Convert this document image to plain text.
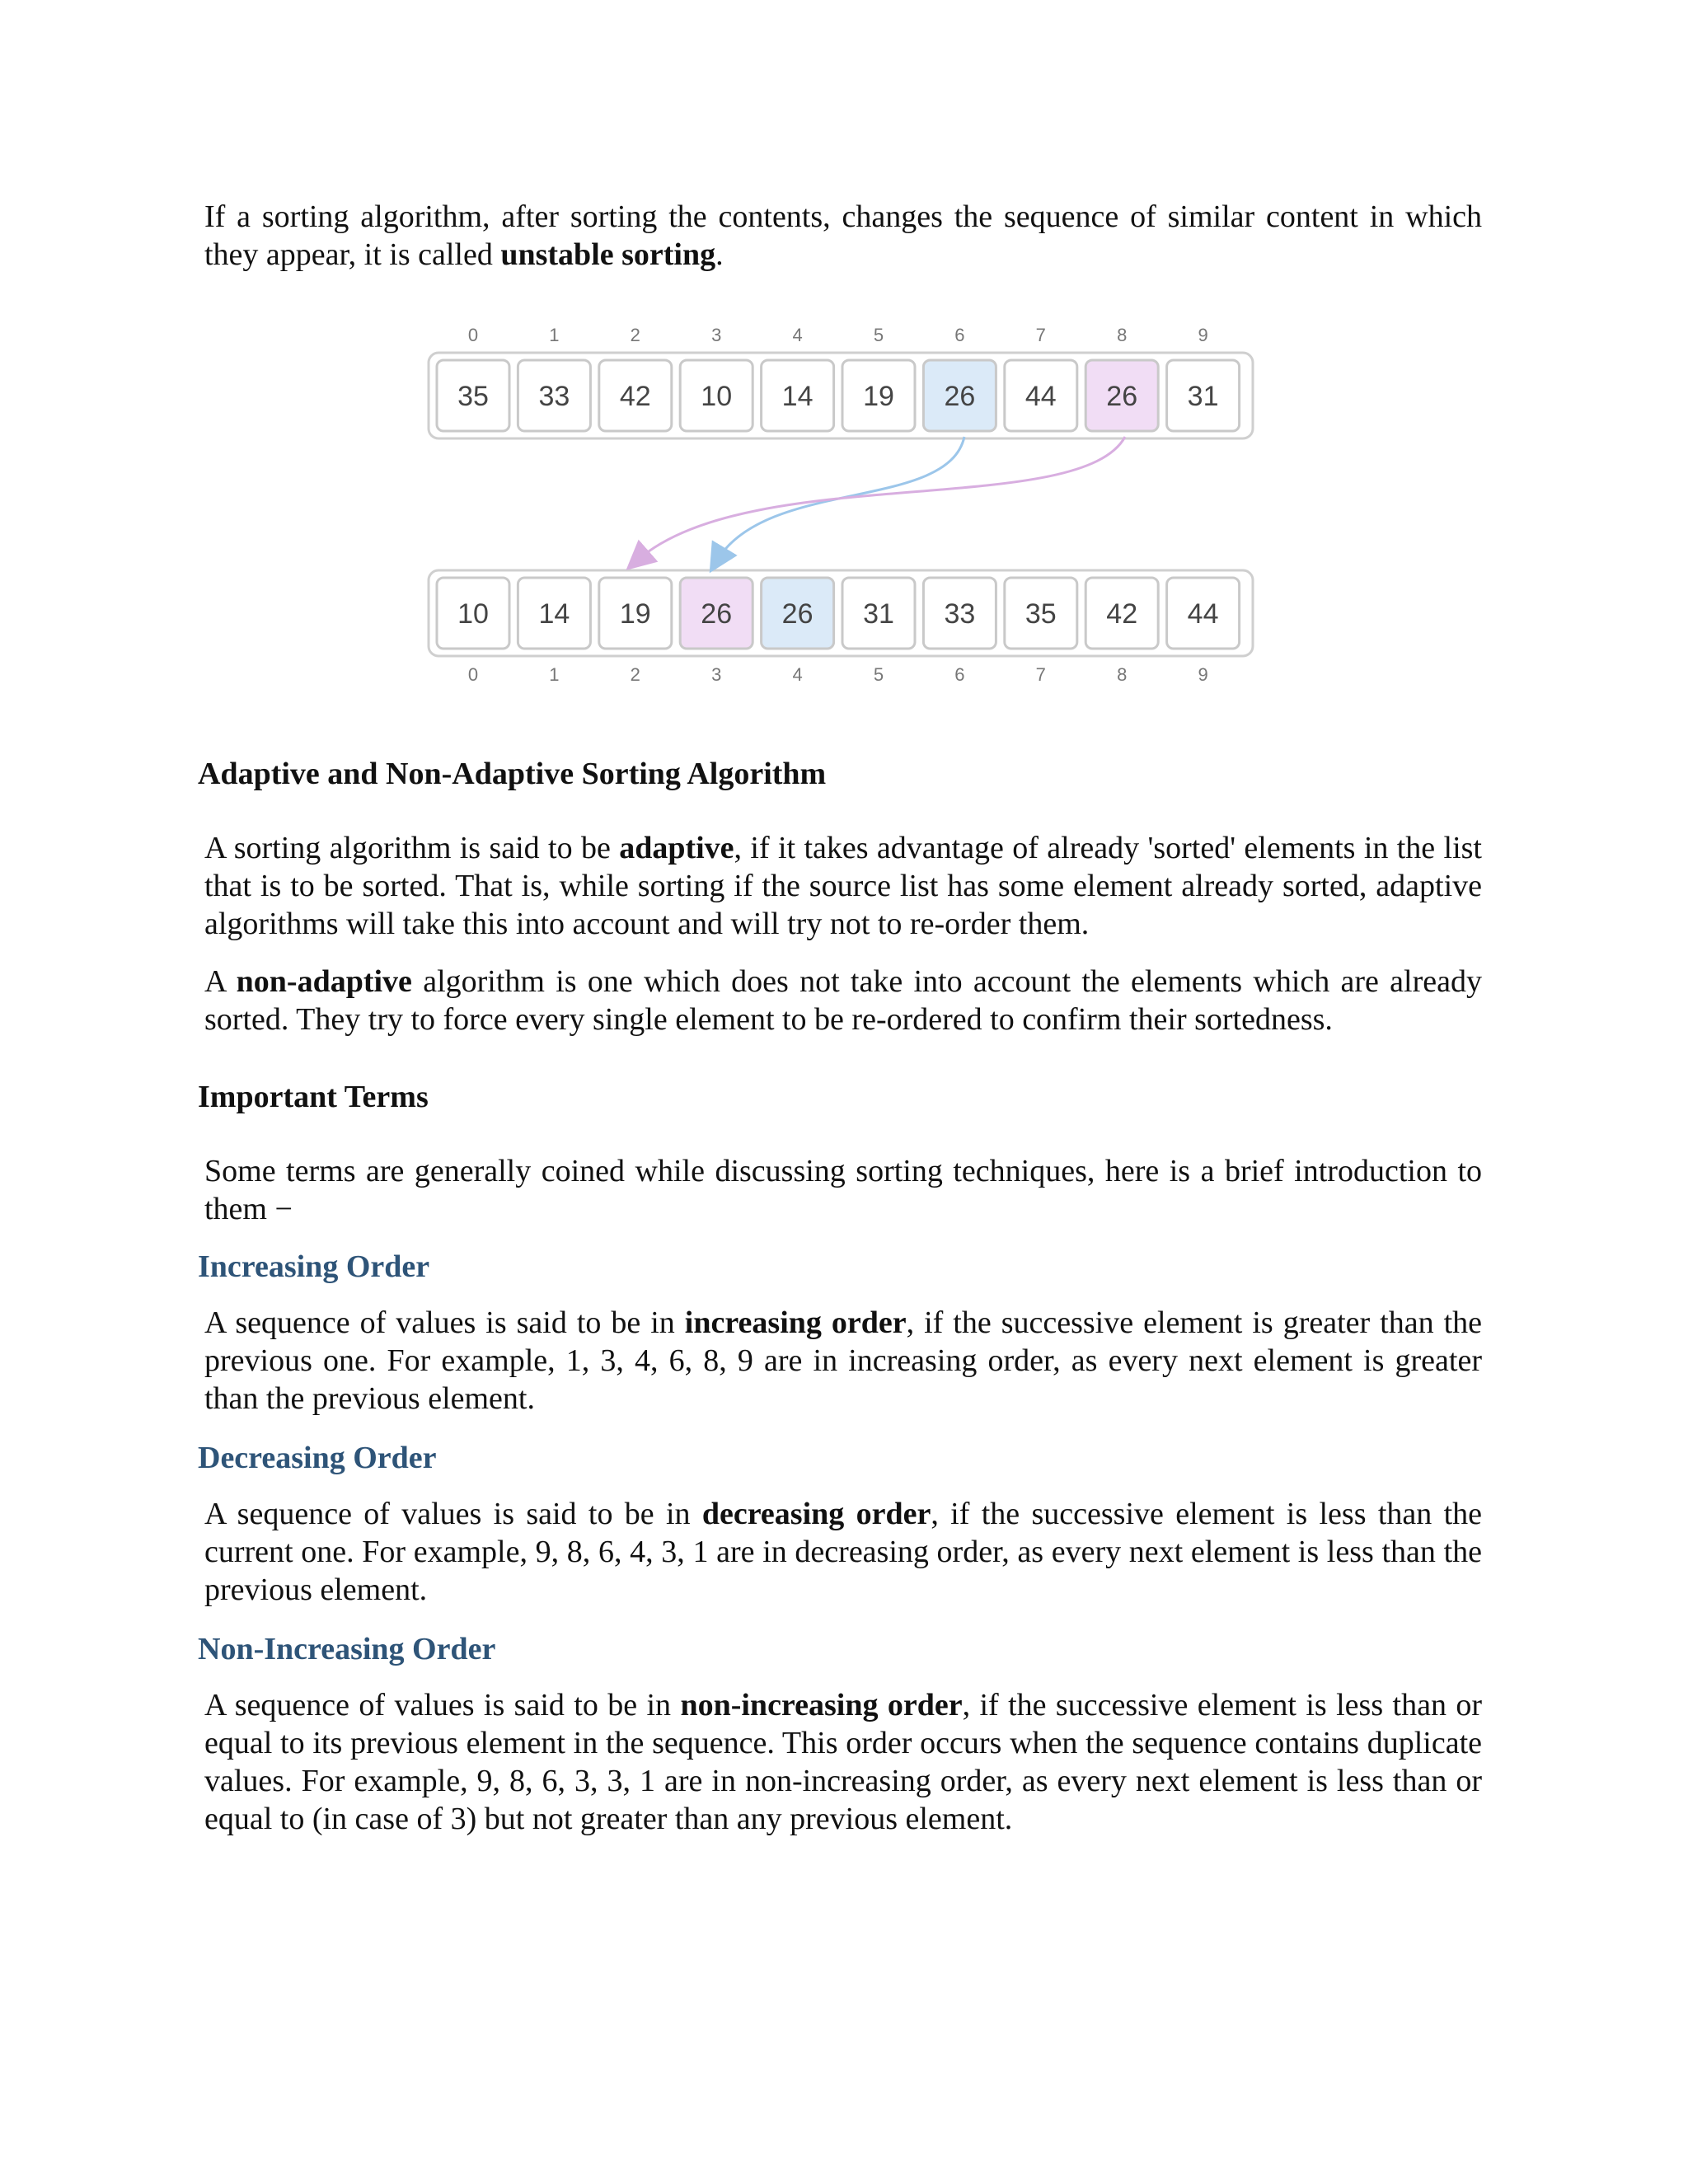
If a sorting algorithm, after sorting the contents, changes the sequence of similar content in which they appear, it is called unstable sorting.

35
0
33
1
42
2
10
3
14
4
19
5
26
6
44
7
26
8
31
9
10
0
14
1
19
2
26
3
26
4
31
5
33
6
35
7
42
8
44
9
Adaptive and Non-Adaptive Sorting Algorithm

A sorting algorithm is said to be adaptive, if it takes advantage of already 'sorted' elements in the list that is to be sorted. That is, while sorting if the source list has some element already sorted, adaptive algorithms will take this into account and will try not to re-order them.

A non-adaptive algorithm is one which does not take into account the elements which are already sorted. They try to force every single element to be re-ordered to confirm their sortedness.

Important Terms

Some terms are generally coined while discussing sorting techniques, here is a brief introduction to them −

Increasing Order

A sequence of values is said to be in increasing order, if the successive element is greater than the previous one. For example, 1, 3, 4, 6, 8, 9 are in increasing order, as every next element is greater than the previous element.

Decreasing Order

A sequence of values is said to be in decreasing order, if the successive element is less than the current one. For example, 9, 8, 6, 4, 3, 1 are in decreasing order, as every next element is less than the previous element.

Non-Increasing Order

A sequence of values is said to be in non-increasing order, if the successive element is less than or equal to its previous element in the sequence. This order occurs when the sequence contains duplicate values. For example, 9, 8, 6, 3, 3, 1 are in non-increasing order, as every next element is less than or equal to (in case of 3) but not greater than any previous element.
